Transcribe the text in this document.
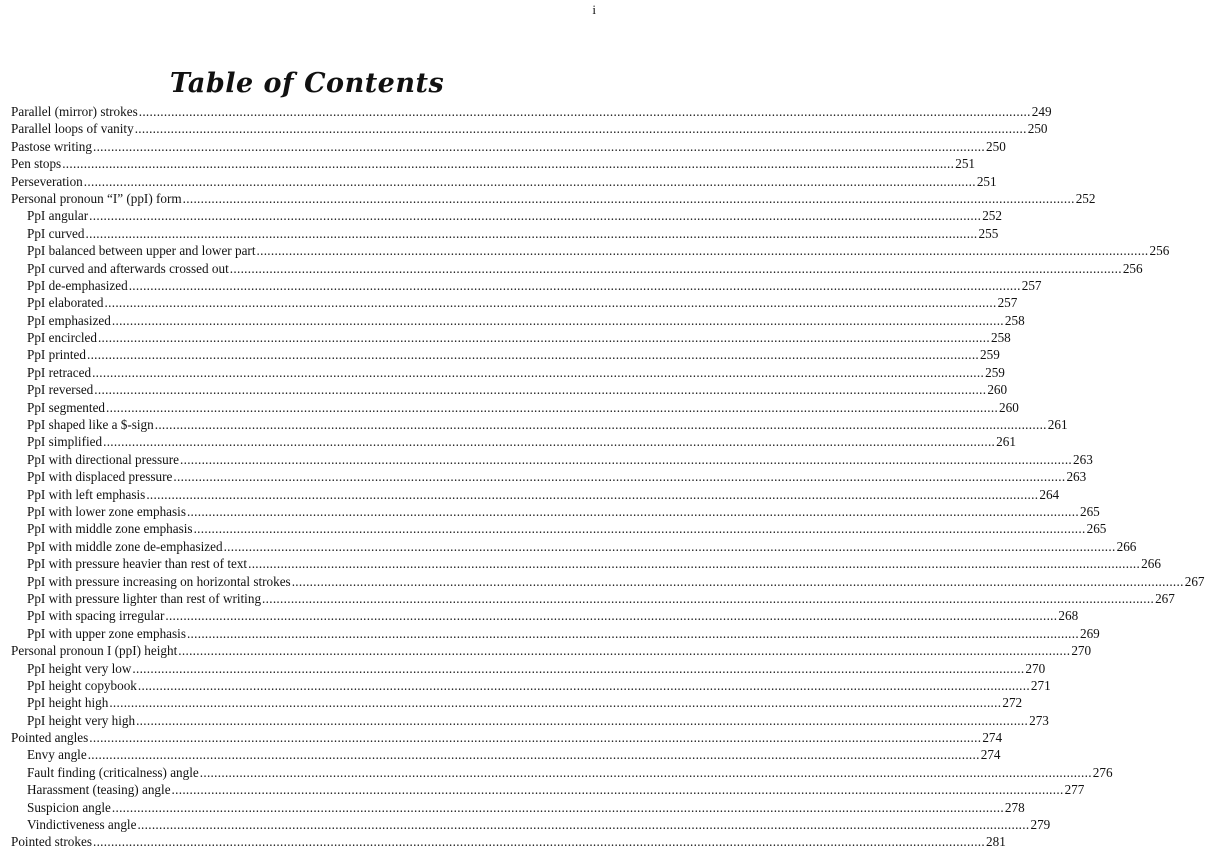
i
Table of Contents
Parallel (mirror) strokes ........................................................................................................................................................................................................................................................ 249
Parallel loops of vanity ........................................................................................................................................................................................................................................................ 250
Pastose writing ........................................................................................................................................................................................................................................................ 250
Pen stops ........................................................................................................................................................................................................................................................ 251
Perseveration ........................................................................................................................................................................................................................................................ 251
Personal pronoun “I” (ppI) form ........................................................................................................................................................................................................................................................ 252
PpI angular ........................................................................................................................................................................................................................................................ 252
PpI curved ........................................................................................................................................................................................................................................................ 255
PpI balanced between upper and lower part ........................................................................................................................................................................................................................................................ 256
PpI curved and afterwards crossed out ........................................................................................................................................................................................................................................................ 256
PpI de-emphasized ........................................................................................................................................................................................................................................................ 257
PpI elaborated ........................................................................................................................................................................................................................................................ 257
PpI emphasized ........................................................................................................................................................................................................................................................ 258
PpI encircled ........................................................................................................................................................................................................................................................ 258
PpI printed ........................................................................................................................................................................................................................................................ 259
PpI retraced ........................................................................................................................................................................................................................................................ 259
PpI reversed ........................................................................................................................................................................................................................................................ 260
PpI segmented ........................................................................................................................................................................................................................................................ 260
PpI shaped like a $-sign ........................................................................................................................................................................................................................................................ 261
PpI simplified ........................................................................................................................................................................................................................................................ 261
PpI with directional pressure ........................................................................................................................................................................................................................................................ 263
PpI with displaced pressure ........................................................................................................................................................................................................................................................ 263
PpI with left emphasis ........................................................................................................................................................................................................................................................ 264
PpI with lower zone emphasis ........................................................................................................................................................................................................................................................ 265
PpI with middle zone emphasis ........................................................................................................................................................................................................................................................ 265
PpI with middle zone de-emphasized ........................................................................................................................................................................................................................................................ 266
PpI with pressure heavier than rest of text ........................................................................................................................................................................................................................................................ 266
PpI with pressure increasing on horizontal strokes ........................................................................................................................................................................................................................................................ 267
PpI with pressure lighter than rest of writing ........................................................................................................................................................................................................................................................ 267
PpI with spacing irregular ........................................................................................................................................................................................................................................................ 268
PpI with upper zone emphasis ........................................................................................................................................................................................................................................................ 269
Personal pronoun I (ppI) height ........................................................................................................................................................................................................................................................ 270
PpI height very low ........................................................................................................................................................................................................................................................ 270
PpI height copybook ........................................................................................................................................................................................................................................................ 271
PpI height high ........................................................................................................................................................................................................................................................ 272
PpI height very high ........................................................................................................................................................................................................................................................ 273
Pointed angles ........................................................................................................................................................................................................................................................ 274
Envy angle ........................................................................................................................................................................................................................................................ 274
Fault finding (criticalness) angle ........................................................................................................................................................................................................................................................ 276
Harassment (teasing) angle ........................................................................................................................................................................................................................................................ 277
Suspicion angle ........................................................................................................................................................................................................................................................ 278
Vindictiveness angle ........................................................................................................................................................................................................................................................ 279
Pointed strokes ........................................................................................................................................................................................................................................................ 281
